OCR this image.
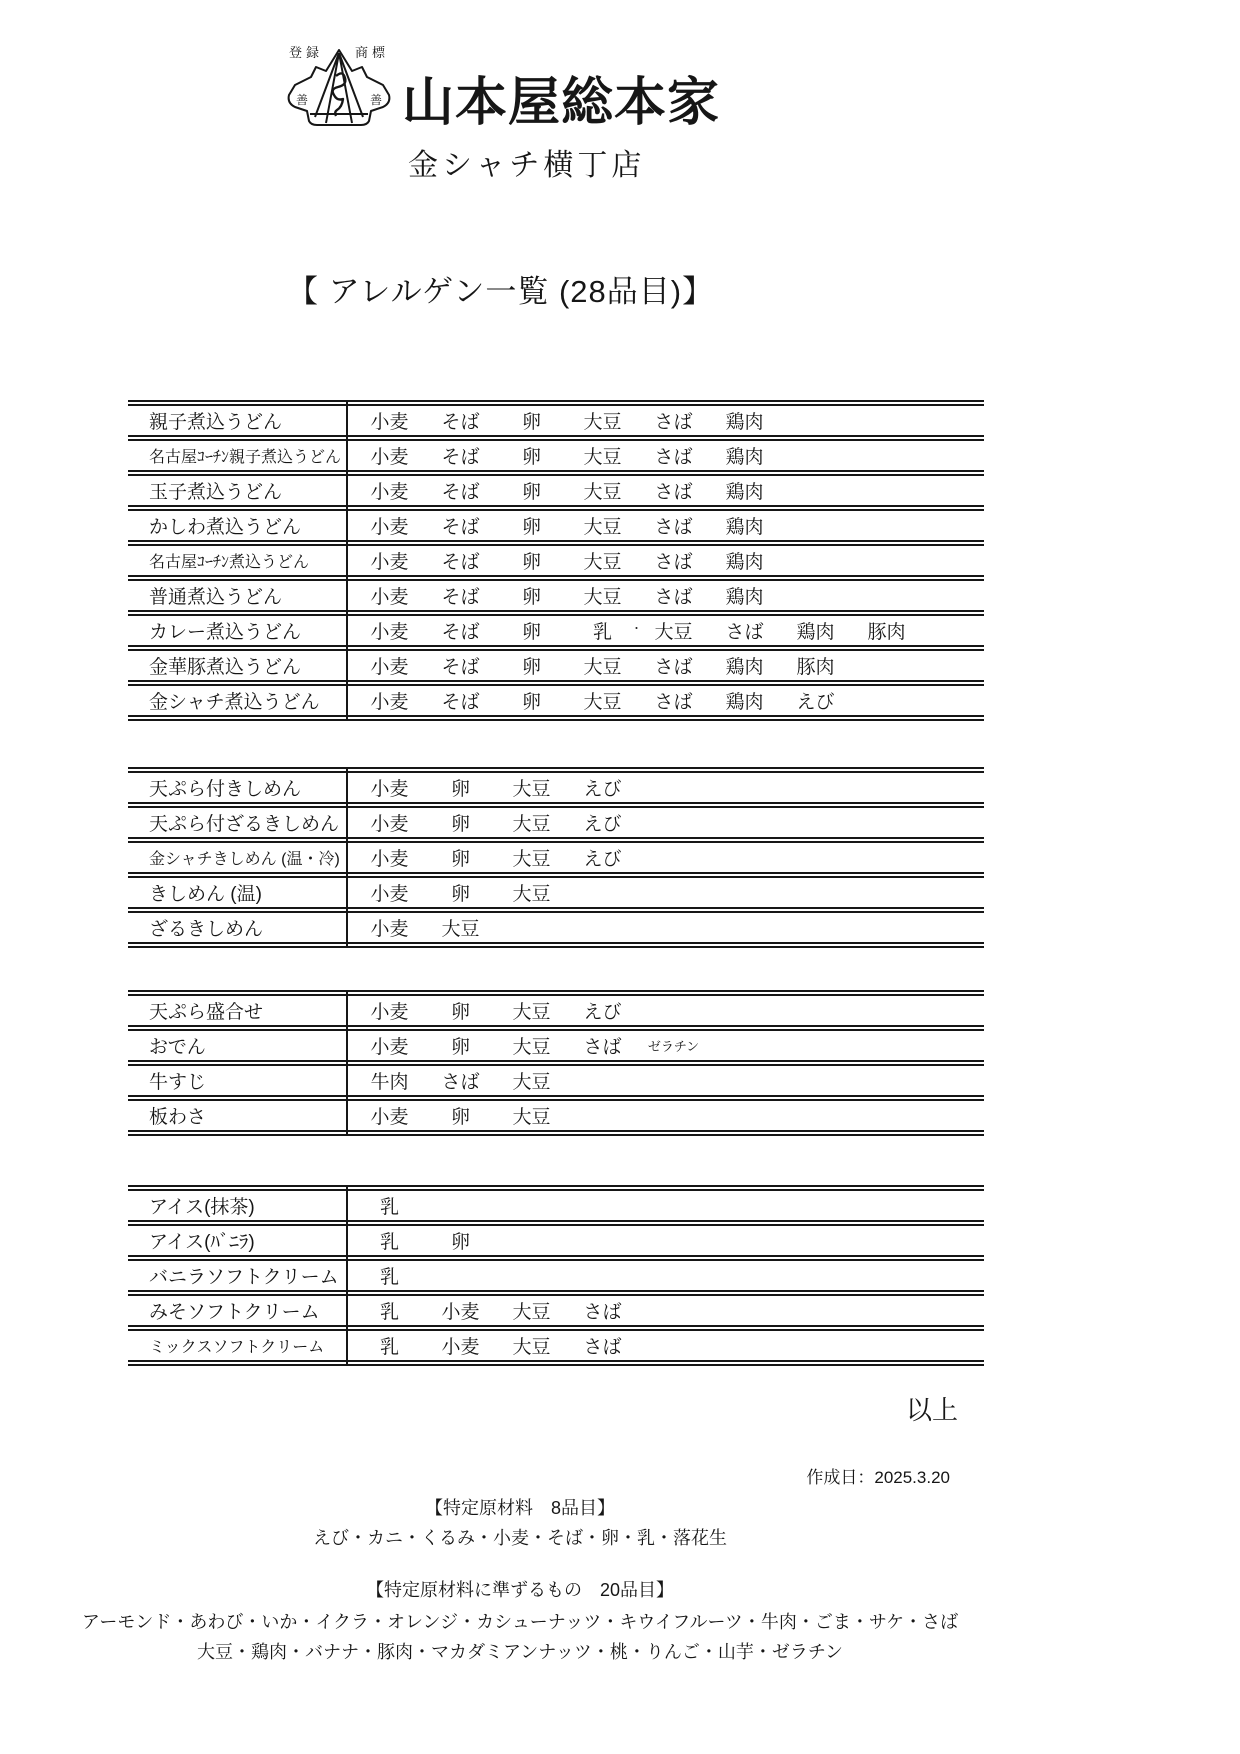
登録 商標
善	善 山本屋総本家
金シャチ横丁店
【 アレルゲン一覧 (28品目)】
親子煮込うどん	小麦	そば	卵	大豆	さば	鶏肉
名古屋ｺｰﾁﾝ親子煮込うどん	小麦	そば	卵	大豆	さば	鶏肉
玉子煮込うどん	小麦	そば	卵	大豆	さば	鶏肉
かしわ煮込うどん	小麦	そば	卵	大豆	さば	鶏肉
名古屋ｺｰﾁﾝ煮込うどん	小麦	そば	卵	大豆	さば	鶏肉
普通煮込うどん	小麦	そば	卵	大豆	さば	鶏肉
カレー煮込うどん	小麦	そば	卵	乳	・ 大豆	さば	鶏肉	豚肉
金華豚煮込うどん	小麦	そば	卵	大豆	さば	鶏肉	豚肉
金シャチ煮込うどん	小麦	そば	卵	大豆	さば	鶏肉	えび
天ぷら付きしめん	小麦	卵	大豆	えび
天ぷら付ざるきしめん	小麦	卵	大豆	えび
金シャチきしめん (温・冷)	小麦	卵	大豆	えび
きしめん (温)	小麦	卵	大豆
ざるきしめん	小麦	大豆
天ぷら盛合せ	小麦	卵	大豆	えび
おでん	小麦	卵	大豆	さば	ゼラチン
牛すじ	牛肉	さば	大豆
板わさ	小麦	卵	大豆
アイス(抹茶)	乳
アイス(ﾊﾞﾆﾗ)	乳	卵
バニラソフトクリーム	乳
みそソフトクリーム	乳	小麦	大豆	さば
ミックスソフトクリーム	乳	小麦	大豆	さば
以上
作成日：2025.3.20
【特定原材料　8品目】
えび・カニ・くるみ・小麦・そば・卵・乳・落花生
【特定原材料に準ずるもの　20品目】
アーモンド・あわび・いか・イクラ・オレンジ・カシューナッツ・キウイフルーツ・牛肉・ごま・サケ・さば
大豆・鶏肉・バナナ・豚肉・マカダミアンナッツ・桃・りんご・山芋・ゼラチン
